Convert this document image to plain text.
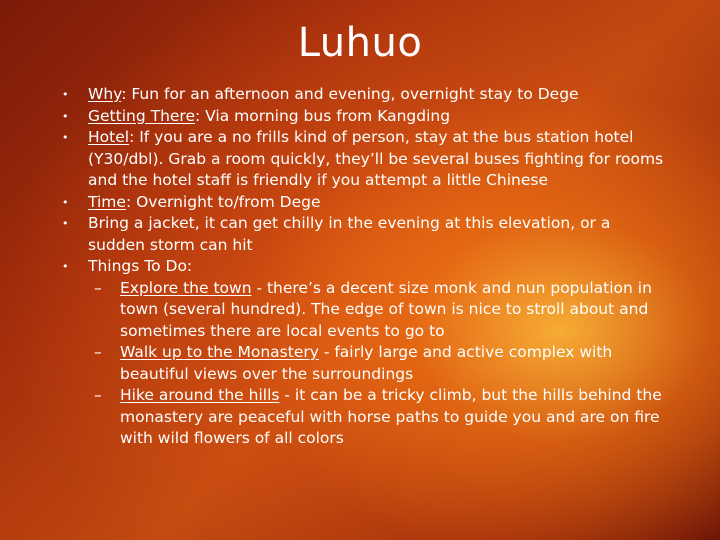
Luhuo
• Why: Fun for an afternoon and evening, overnight stay to Dege
• Getting There: Via morning bus from Kangding
• Hotel: If you are a no frills kind of person, stay at the bus station hotel (Y30/dbl). Grab a room quickly, they’ll be several buses fighting for rooms and the hotel staff is friendly if you attempt a little Chinese
• Time: Overnight to/from Dege
• Bring a jacket, it can get chilly in the evening at this elevation, or a sudden storm can hit
• Things To Do:
– Explore the town - there’s a decent size monk and nun population in town (several hundred). The edge of town is nice to stroll about and sometimes there are local events to go to
– Walk up to the Monastery - fairly large and active complex with beautiful views over the surroundings
– Hike around the hills - it can be a tricky climb, but the hills behind the monastery are peaceful with horse paths to guide you and are on fire with wild flowers of all colors
